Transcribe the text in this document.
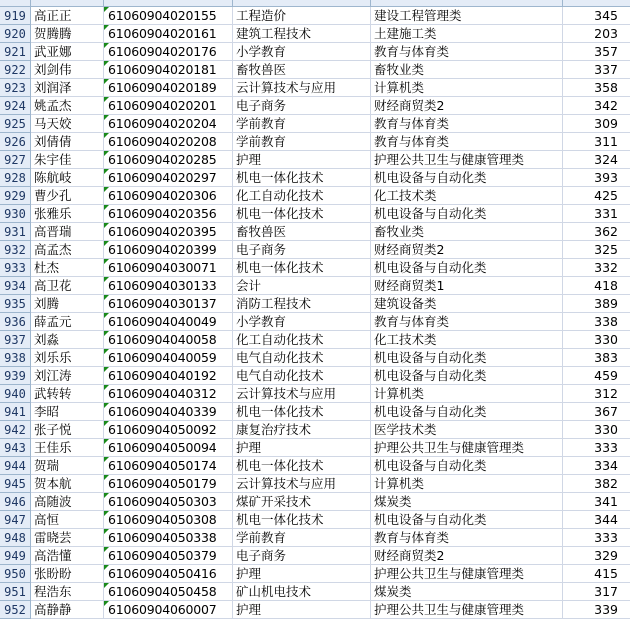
919 高正正	61060904020155	工程造价	建设工程管理类	345
920 贺腾腾	61060904020161	建筑工程技术	土建施工类	203
921 武亚娜	61060904020176	小学教育	教育与体育类	357
922 刘剑伟	61060904020181	畜牧兽医	畜牧业类	337
923 刘润泽	61060904020189	云计算技术与应用	计算机类	358
924 姚孟杰	61060904020201	电子商务	财经商贸类2	342
925 马天姣	61060904020204	学前教育	教育与体育类	309
926 刘倩倩	61060904020208	学前教育	教育与体育类	311
927 朱宇佳	61060904020285	护理	护理公共卫生与健康管理类	324
928 陈航岐	61060904020297	机电一体化技术	机电设备与自动化类	393
929 曹少孔	61060904020306	化工自动化技术	化工技术类	425
930 张雅乐	61060904020356	机电一体化技术	机电设备与自动化类	331
931 高晋瑞	61060904020395	畜牧兽医	畜牧业类	362
932 高孟杰	61060904020399	电子商务	财经商贸类2	325
933 杜杰	61060904030071	机电一体化技术	机电设备与自动化类	332
934 高卫花	61060904030133	会计	财经商贸类1	418
935 刘腾	61060904030137	消防工程技术	建筑设备类	389
936 薛孟元	61060904040049	小学教育	教育与体育类	338
937 刘淼	61060904040058	化工自动化技术	化工技术类	330
938 刘乐乐	61060904040059	电气自动化技术	机电设备与自动化类	383
939 刘江涛	61060904040192	电气自动化技术	机电设备与自动化类	459
940 武转转	61060904040312	云计算技术与应用	计算机类	312
941 李昭	61060904040339	机电一体化技术	机电设备与自动化类	367
942 张子悦	61060904050092	康复治疗技术	医学技术类	330
943 王佳乐	61060904050094	护理	护理公共卫生与健康管理类	333
944 贺瑞	61060904050174	机电一体化技术	机电设备与自动化类	334
945 贺本航	61060904050179	云计算技术与应用	计算机类	382
946 高随波	61060904050303	煤矿开采技术	煤炭类	341
947 高恒	61060904050308	机电一体化技术	机电设备与自动化类	344
948 雷晓芸	61060904050338	学前教育	教育与体育类	333
949 高浩懂	61060904050379	电子商务	财经商贸类2	329
950 张盼盼	61060904050416	护理	护理公共卫生与健康管理类	415
951 程浩东	61060904050458	矿山机电技术	煤炭类	317
952 高静静	61060904060007	护理	护理公共卫生与健康管理类	339
